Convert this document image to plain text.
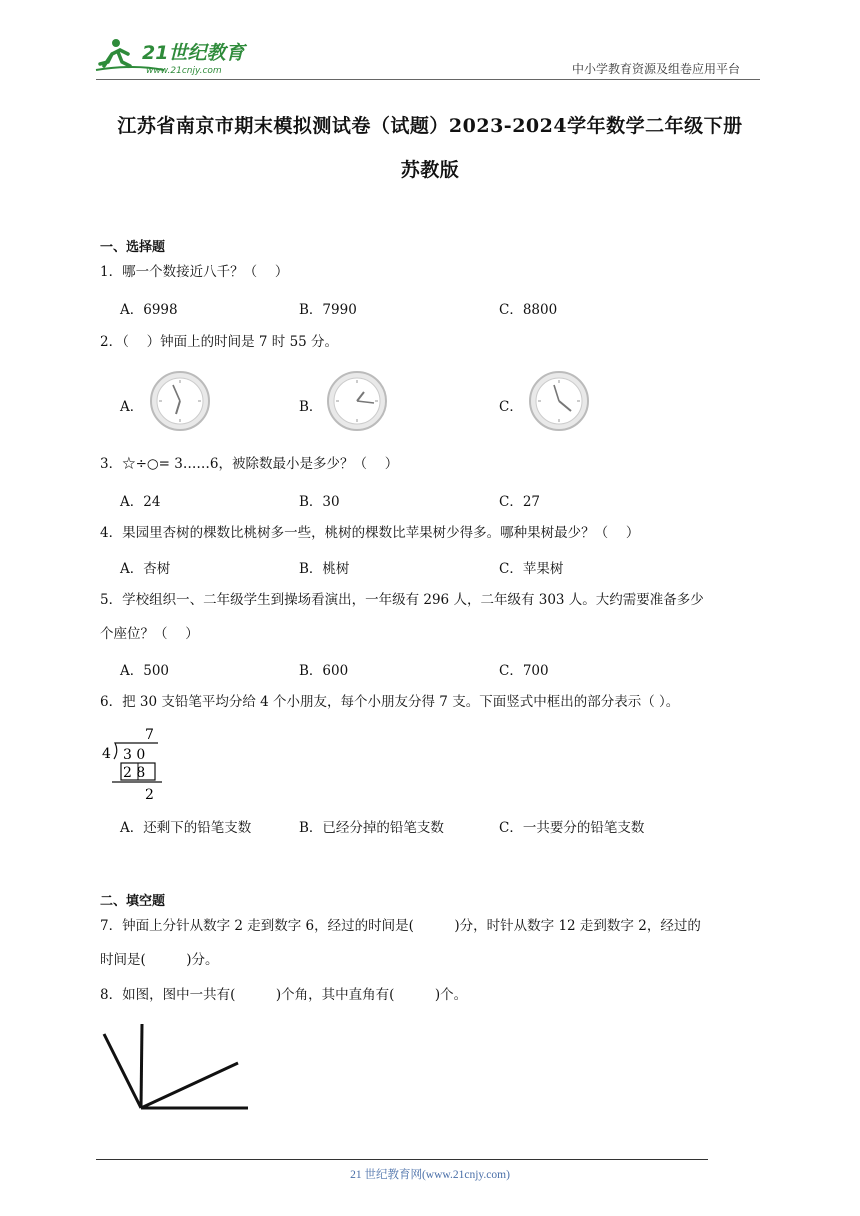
21世纪教育
www.21cnjy.com	中小学教育资源及组卷应用平台
江苏省南京市期末模拟测试卷（试题）2023-2024学年数学二年级下册
苏教版
一、选择题
1．哪一个数接近八千？（　 ）
A．6998	B．7990	C．8800
2．（　 ）钟面上的时间是 7 时 55 分。
A．	B．	C．
3．☆÷○= 3……6，被除数最小是多少？（　 ）
A．24	B．30	C．27
4．果园里杏树的棵数比桃树多一些，桃树的棵数比苹果树少得多。哪种果树最少？（　 ）
A．杏树	B．桃树	C．苹果树
5．学校组织一、二年级学生到操场看演出，一年级有 296 人，二年级有 303 人。大约需要准备多少
个座位？（　 ）
A．500	B．600	C．700
6．把 30 支铅笔平均分给 4 个小朋友，每个小朋友分得 7 支。下面竖式中框出的部分表示（ ）。
7
4 3 0
2 8
2
A．还剩下的铅笔支数	B．已经分掉的铅笔支数	C．一共要分的铅笔支数
二、填空题
7．钟面上分针从数字 2 走到数字 6，经过的时间是(　　　)分，时针从数字 12 走到数字 2，经过的
时间是(　　　)分。
8．如图，图中一共有(　　　)个角，其中直角有(　　　)个。
21 世纪教育网(www.21cnjy.com)
